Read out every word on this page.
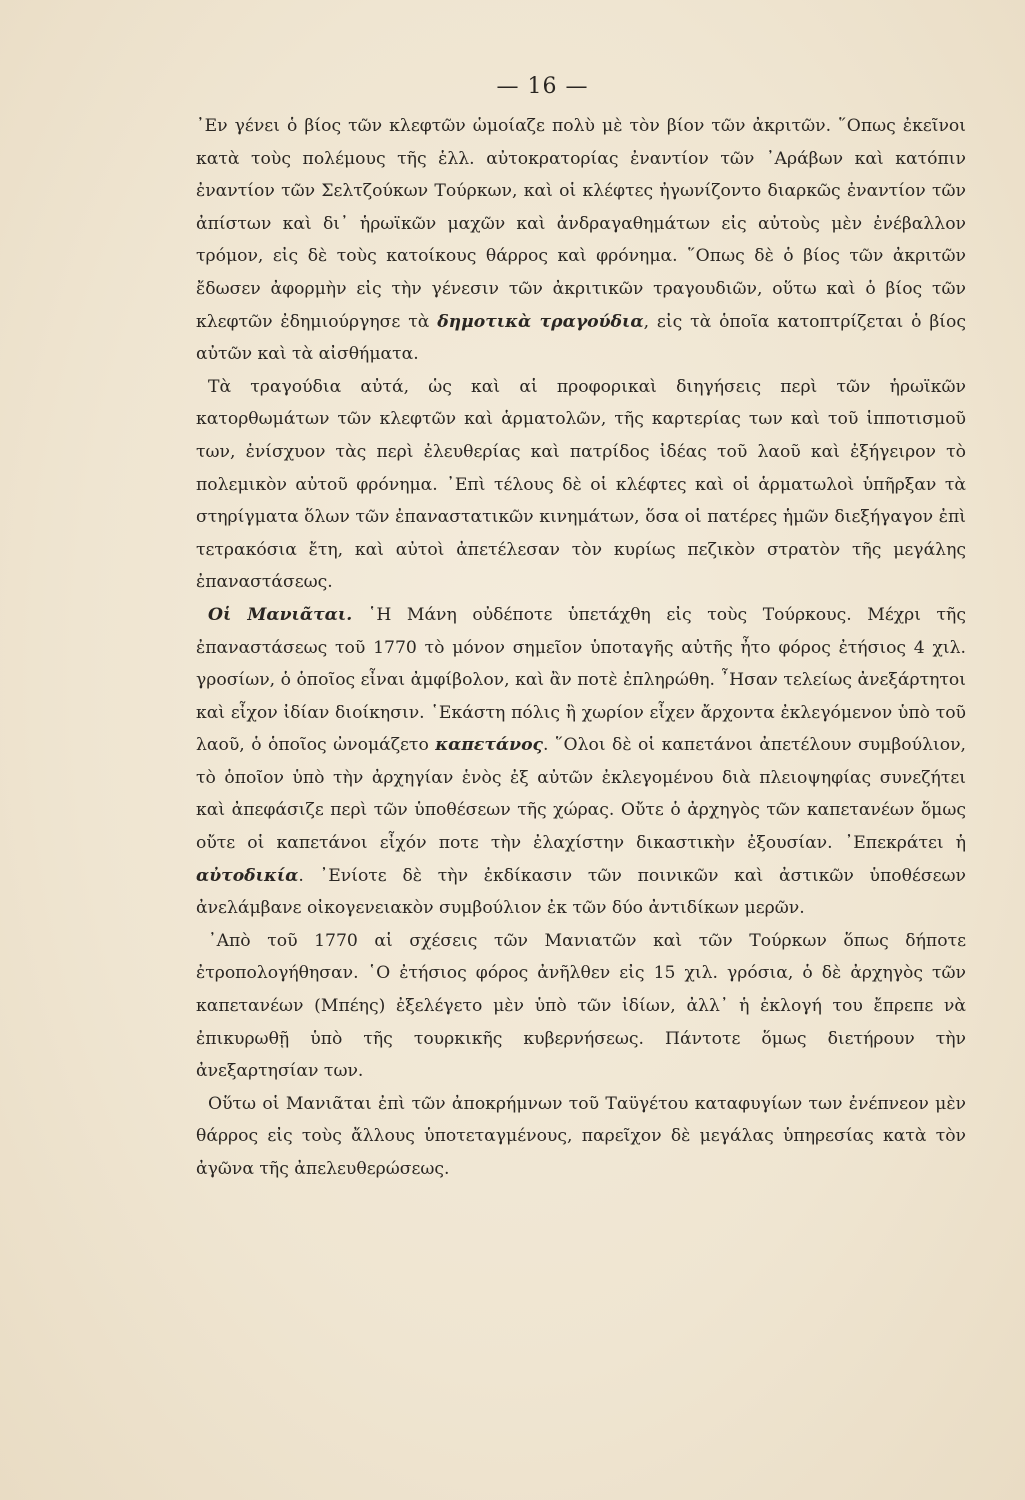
— 16 —

᾿Εν γένει ὁ βίος τῶν κλεφτῶν ὡμοίαζε πολὺ μὲ τὸν βίον τῶν ἀκριτῶν. ῞Οπως ἐκεῖνοι κατὰ τοὺς πολέμους τῆς ἑλλ. αὐτοκρατορίας ἐναντίον τῶν ᾿Αράβων καὶ κατόπιν ἐναντίον τῶν Σελτζούκων Τούρκων, καὶ οἱ κλέφτες ἠγωνίζοντο διαρκῶς ἐναντίον τῶν ἀπίστων καὶ δι᾿ ἡρωϊκῶν μαχῶν καὶ ἀνδραγαθημάτων εἰς αὐτοὺς μὲν ἐνέβαλλον τρόμον, εἰς δὲ τοὺς κατοίκους θάρρος καὶ φρόνημα. ῞Οπως δὲ ὁ βίος τῶν ἀκριτῶν ἔδωσεν ἀφορμὴν εἰς τὴν γένεσιν τῶν ἀκριτικῶν τραγουδιῶν, οὕτω καὶ ὁ βίος τῶν κλεφτῶν ἐδημιούργησε τὰ δημοτικὰ τραγούδια, εἰς τὰ ὁποῖα κατοπτρίζεται ὁ βίος αὐτῶν καὶ τὰ αἰσθήματα.

Τὰ τραγούδια αὐτά, ὡς καὶ αἱ προφορικαὶ διηγήσεις περὶ τῶν ἡρωϊκῶν κατορθωμάτων τῶν κλεφτῶν καὶ ἁρματολῶν, τῆς καρτερίας των καὶ τοῦ ἱπποτισμοῦ των, ἐνίσχυον τὰς περὶ ἐλευθερίας καὶ πατρίδος ἰδέας τοῦ λαοῦ καὶ ἐξήγειρον τὸ πολεμικὸν αὐτοῦ φρόνημα. ᾿Επὶ τέλους δὲ οἱ κλέφτες καὶ οἱ ἁρματωλοὶ ὑπῆρξαν τὰ στηρίγματα ὅλων τῶν ἐπαναστατικῶν κινημάτων, ὅσα οἱ πατέρες ἡμῶν διεξήγαγον ἐπὶ τετρακόσια ἔτη, καὶ αὐτοὶ ἀπετέλεσαν τὸν κυρίως πεζικὸν στρατὸν τῆς μεγάλης ἐπαναστάσεως.

Οἱ Μανιᾶται. ῾Η Μάνη οὐδέποτε ὑπετάχθη εἰς τοὺς Τούρκους. Μέχρι τῆς ἐπαναστάσεως τοῦ 1770 τὸ μόνον σημεῖον ὑποταγῆς αὐτῆς ἦτο φόρος ἐτήσιος 4 χιλ. γροσίων, ὁ ὁποῖος εἶναι ἀμφίβολον, καὶ ἂν ποτὲ ἐπληρώθη. ῏Ησαν τελείως ἀνεξάρτητοι καὶ εἶχον ἰδίαν διοίκησιν. ῾Εκάστη πόλις ἢ χωρίον εἶχεν ἄρχοντα ἐκλεγόμενον ὑπὸ τοῦ λαοῦ, ὁ ὁποῖος ὠνομάζετο καπετάνος. ῞Ολοι δὲ οἱ καπετάνοι ἀπετέλουν συμβούλιον, τὸ ὁποῖον ὑπὸ τὴν ἀρχηγίαν ἑνὸς ἐξ αὐτῶν ἐκλεγομένου διὰ πλειοψηφίας συνεζήτει καὶ ἀπεφάσιζε περὶ τῶν ὑποθέσεων τῆς χώρας. Οὔτε ὁ ἀρχηγὸς τῶν καπετανέων ὅμως οὔτε οἱ καπετάνοι εἶχόν ποτε τὴν ἐλαχίστην δικαστικὴν ἐξουσίαν. ᾿Επεκράτει ἡ αὐτοδικία. ᾿Ενίοτε δὲ τὴν ἐκδίκασιν τῶν ποινικῶν καὶ ἀστικῶν ὑποθέσεων ἀνελάμβανε οἰκογενειακὸν συμβούλιον ἐκ τῶν δύο ἀντιδίκων μερῶν.

᾿Απὸ τοῦ 1770 αἱ σχέσεις τῶν Μανιατῶν καὶ τῶν Τούρκων ὅπως δήποτε ἐτροπολογήθησαν. ῾Ο ἐτήσιος φόρος ἀνῆλθεν εἰς 15 χιλ. γρόσια, ὁ δὲ ἀρχηγὸς τῶν καπετανέων (Μπέης) ἐξελέγετο μὲν ὑπὸ τῶν ἰδίων, ἀλλ᾿ ἡ ἐκλογή του ἔπρεπε νὰ ἐπικυρωθῇ ὑπὸ τῆς τουρκικῆς κυβερνήσεως. Πάντοτε ὅμως διετήρουν τὴν ἀνεξαρτησίαν των.

Οὕτω οἱ Μανιᾶται ἐπὶ τῶν ἀποκρήμνων τοῦ Ταϋγέτου καταφυγίων των ἐνέπνεον μὲν θάρρος εἰς τοὺς ἄλλους ὑποτεταγμένους, παρεῖχον δὲ μεγάλας ὑπηρεσίας κατὰ τὸν ἀγῶνα τῆς ἀπελευθερώσεως.
